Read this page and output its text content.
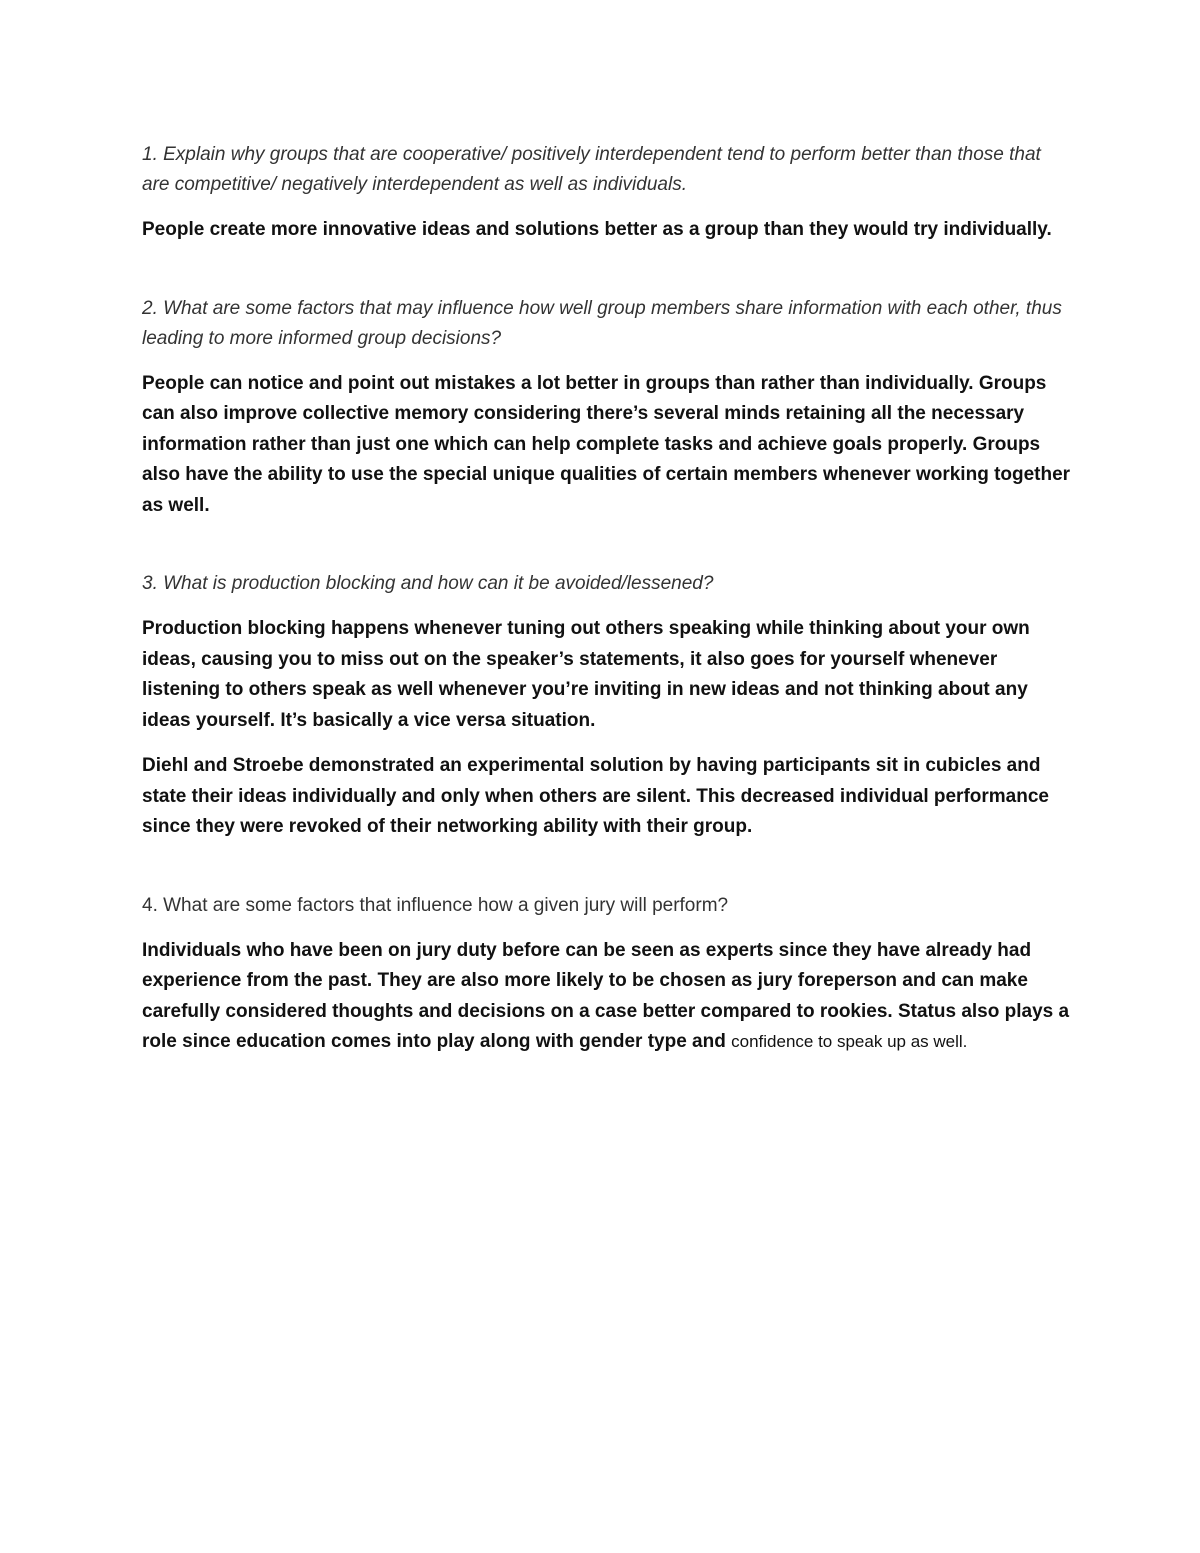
1. Explain why groups that are cooperative/ positively interdependent tend to perform better than those that are competitive/ negatively interdependent as well as individuals.

People create more innovative ideas and solutions better as a group than they would try individually.

2. What are some factors that may influence how well group members share information with each other, thus leading to more informed group decisions?

People can notice and point out mistakes a lot better in groups than rather than individually. Groups can also improve collective memory considering there’s several minds retaining all the necessary information rather than just one which can help complete tasks and achieve goals properly. Groups also have the ability to use the special unique qualities of certain members whenever working together as well.

3. What is production blocking and how can it be avoided/lessened?

Production blocking happens whenever tuning out others speaking while thinking about your own ideas, causing you to miss out on the speaker’s statements, it also goes for yourself whenever listening to others speak as well whenever you’re inviting in new ideas and not thinking about any ideas yourself. It’s basically a vice versa situation.

Diehl and Stroebe demonstrated an experimental solution by having participants sit in cubicles and state their ideas individually and only when others are silent. This decreased individual performance since they were revoked of their networking ability with their group.

4. What are some factors that influence how a given jury will perform?

Individuals who have been on jury duty before can be seen as experts since they have already had experience from the past. They are also more likely to be chosen as jury foreperson and can make carefully considered thoughts and decisions on a case better compared to rookies. Status also plays a role since education comes into play along with gender type and confidence to speak up as well.
